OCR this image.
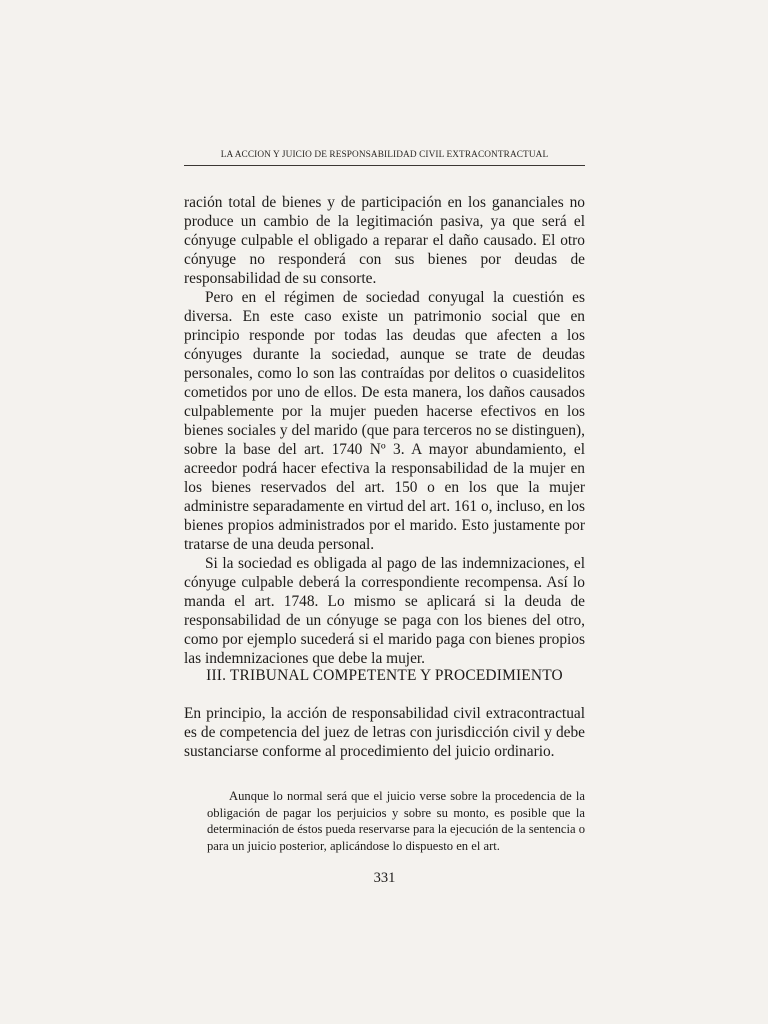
LA ACCION Y JUICIO DE RESPONSABILIDAD CIVIL EXTRACONTRACTUAL

ración total de bienes y de participación en los gananciales no produce un cambio de la legitimación pasiva, ya que será el cónyuge culpable el obligado a reparar el daño causado. El otro cónyuge no responderá con sus bienes por deudas de responsabilidad de su consorte.

Pero en el régimen de sociedad conyugal la cuestión es diversa. En este caso existe un patrimonio social que en principio responde por todas las deudas que afecten a los cónyuges durante la sociedad, aunque se trate de deudas personales, como lo son las contraídas por delitos o cuasidelitos cometidos por uno de ellos. De esta manera, los daños causados culpablemente por la mujer pueden hacerse efectivos en los bienes sociales y del marido (que para terceros no se distinguen), sobre la base del art. 1740 Nº 3. A mayor abundamiento, el acreedor podrá hacer efectiva la responsabilidad de la mujer en los bienes reservados del art. 150 o en los que la mujer administre separadamente en virtud del art. 161 o, incluso, en los bienes propios administrados por el marido. Esto justamente por tratarse de una deuda personal.

Si la sociedad es obligada al pago de las indemnizaciones, el cónyuge culpable deberá la correspondiente recompensa. Así lo manda el art. 1748. Lo mismo se aplicará si la deuda de responsabilidad de un cónyuge se paga con los bienes del otro, como por ejemplo sucederá si el marido paga con bienes propios las indemnizaciones que debe la mujer.

III. TRIBUNAL COMPETENTE Y PROCEDIMIENTO

En principio, la acción de responsabilidad civil extracontractual es de competencia del juez de letras con jurisdicción civil y debe sustanciarse conforme al procedimiento del juicio ordinario.

Aunque lo normal será que el juicio verse sobre la procedencia de la obligación de pagar los perjuicios y sobre su monto, es posible que la determinación de éstos pueda reservarse para la ejecución de la sentencia o para un juicio posterior, aplicándose lo dispuesto en el art.

331
